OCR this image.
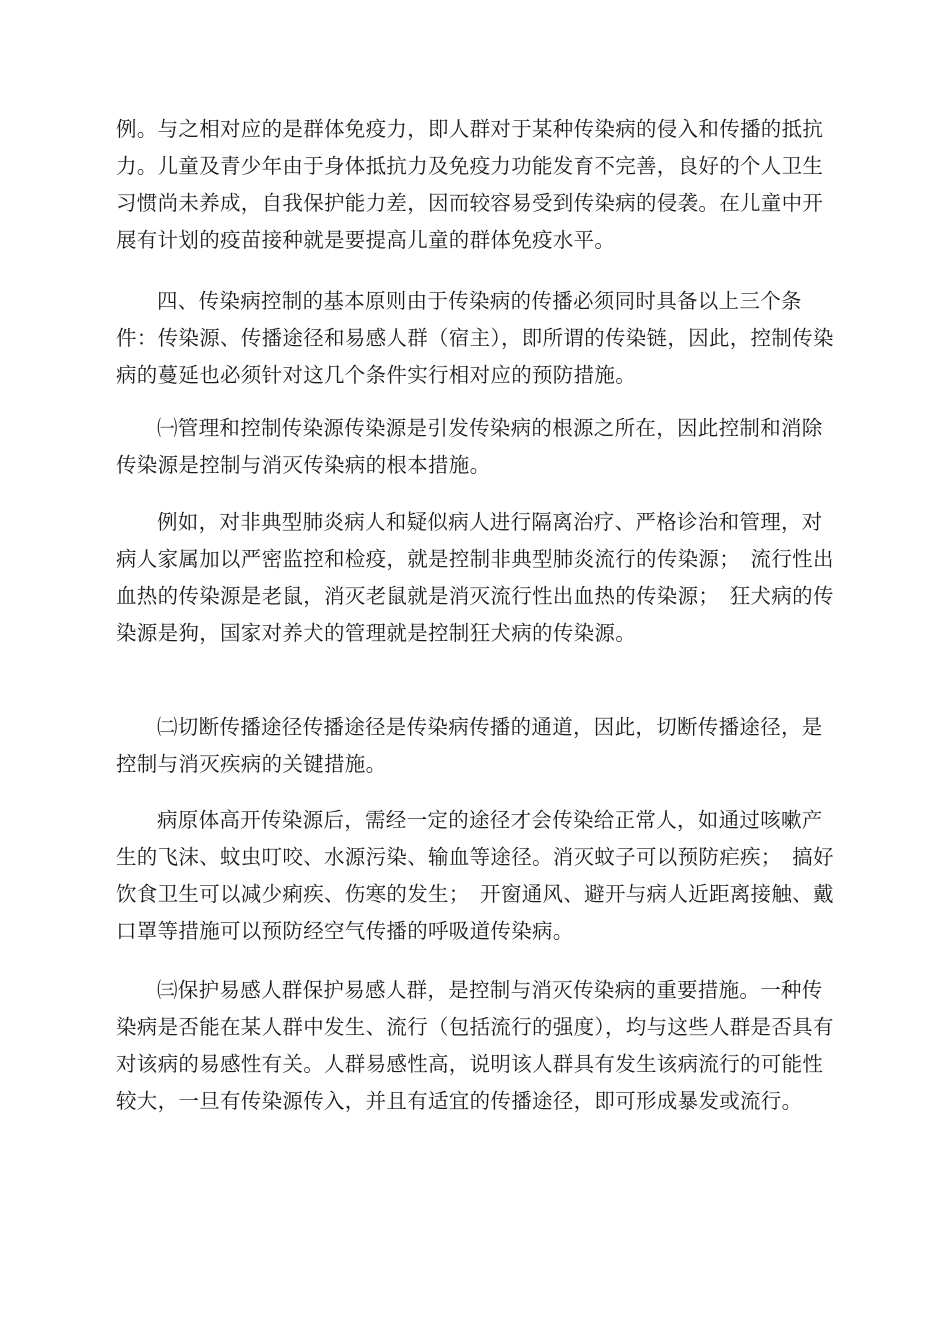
例。与之相对应的是群体免疫力，即人群对于某种传染病的侵入和传播的抵抗力。儿童及青少年由于身体抵抗力及免疫力功能发育不完善，良好的个人卫生习惯尚未养成，自我保护能力差，因而较容易受到传染病的侵袭。在儿童中开展有计划的疫苗接种就是要提高儿童的群体免疫水平。

四、传染病控制的基本原则由于传染病的传播必须同时具备以上三个条件：传染源、传播途径和易感人群（宿主），即所谓的传染链，因此，控制传染病的蔓延也必须针对这几个条件实行相对应的预防措施。

㈠管理和控制传染源传染源是引发传染病的根源之所在，因此控制和消除传染源是控制与消灭传染病的根本措施。

例如，对非典型肺炎病人和疑似病人进行隔离治疗、严格诊治和管理，对病人家属加以严密监控和检疫，就是控制非典型肺炎流行的传染源；　流行性出血热的传染源是老鼠，消灭老鼠就是消灭流行性出血热的传染源；　狂犬病的传染源是狗，国家对养犬的管理就是控制狂犬病的传染源。

㈡切断传播途径传播途径是传染病传播的通道，因此，切断传播途径，是控制与消灭疾病的关键措施。

病原体高开传染源后，需经一定的途径才会传染给正常人，如通过咳嗽产生的飞沫、蚊虫叮咬、水源污染、输血等途径。消灭蚊子可以预防疟疾；　搞好饮食卫生可以减少痢疾、伤寒的发生；　开窗通风、避开与病人近距离接触、戴口罩等措施可以预防经空气传播的呼吸道传染病。

㈢保护易感人群保护易感人群，是控制与消灭传染病的重要措施。一种传染病是否能在某人群中发生、流行（包括流行的强度），均与这些人群是否具有对该病的易感性有关。人群易感性高，说明该人群具有发生该病流行的可能性较大，一旦有传染源传入，并且有适宜的传播途径，即可形成暴发或流行。
